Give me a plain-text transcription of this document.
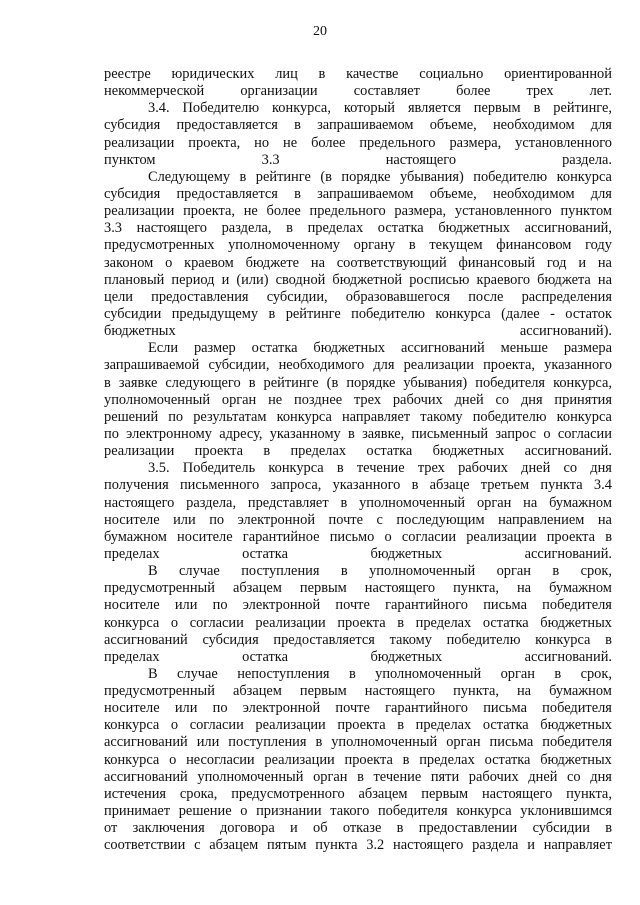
20
реестре юридических лиц в качестве социально ориентированной
некоммерческой организации составляет более трех лет.
3.4. Победителю конкурса, который является первым в рейтинге,
субсидия предоставляется в запрашиваемом объеме, необходимом для
реализации проекта, но не более предельного размера, установленного
пунктом 3.3 настоящего раздела.
Следующему в рейтинге (в порядке убывания) победителю конкурса
субсидия предоставляется в запрашиваемом объеме, необходимом для
реализации проекта, не более предельного размера, установленного пунктом
3.3 настоящего раздела, в пределах остатка бюджетных ассигнований,
предусмотренных уполномоченному органу в текущем финансовом году
законом о краевом бюджете на соответствующий финансовый год и на
плановый период и (или) сводной бюджетной росписью краевого бюджета на
цели предоставления субсидии, образовавшегося после распределения
субсидии предыдущему в рейтинге победителю конкурса (далее - остаток
бюджетных ассигнований).
Если размер остатка бюджетных ассигнований меньше размера
запрашиваемой субсидии, необходимого для реализации проекта, указанного
в заявке следующего в рейтинге (в порядке убывания) победителя конкурса,
уполномоченный орган не позднее трех рабочих дней со дня принятия
решений по результатам конкурса направляет такому победителю конкурса
по электронному адресу, указанному в заявке, письменный запрос о согласии
реализации проекта в пределах остатка бюджетных ассигнований.
3.5. Победитель конкурса в течение трех рабочих дней со дня
получения письменного запроса, указанного в абзаце третьем пункта 3.4
настоящего раздела, представляет в уполномоченный орган на бумажном
носителе или по электронной почте с последующим направлением на
бумажном носителе гарантийное письмо о согласии реализации проекта в
пределах остатка бюджетных ассигнований.
В случае поступления в уполномоченный орган в срок,
предусмотренный абзацем первым настоящего пункта, на бумажном
носителе или по электронной почте гарантийного письма победителя
конкурса о согласии реализации проекта в пределах остатка бюджетных
ассигнований субсидия предоставляется такому победителю конкурса в
пределах остатка бюджетных ассигнований.
В случае непоступления в уполномоченный орган в срок,
предусмотренный абзацем первым настоящего пункта, на бумажном
носителе или по электронной почте гарантийного письма победителя
конкурса о согласии реализации проекта в пределах остатка бюджетных
ассигнований или поступления в уполномоченный орган письма победителя
конкурса о несогласии реализации проекта в пределах остатка бюджетных
ассигнований уполномоченный орган в течение пяти рабочих дней со дня
истечения срока, предусмотренного абзацем первым настоящего пункта,
принимает решение о признании такого победителя конкурса уклонившимся
от заключения договора и об отказе в предоставлении субсидии в
соответствии с абзацем пятым пункта 3.2 настоящего раздела и направляет
